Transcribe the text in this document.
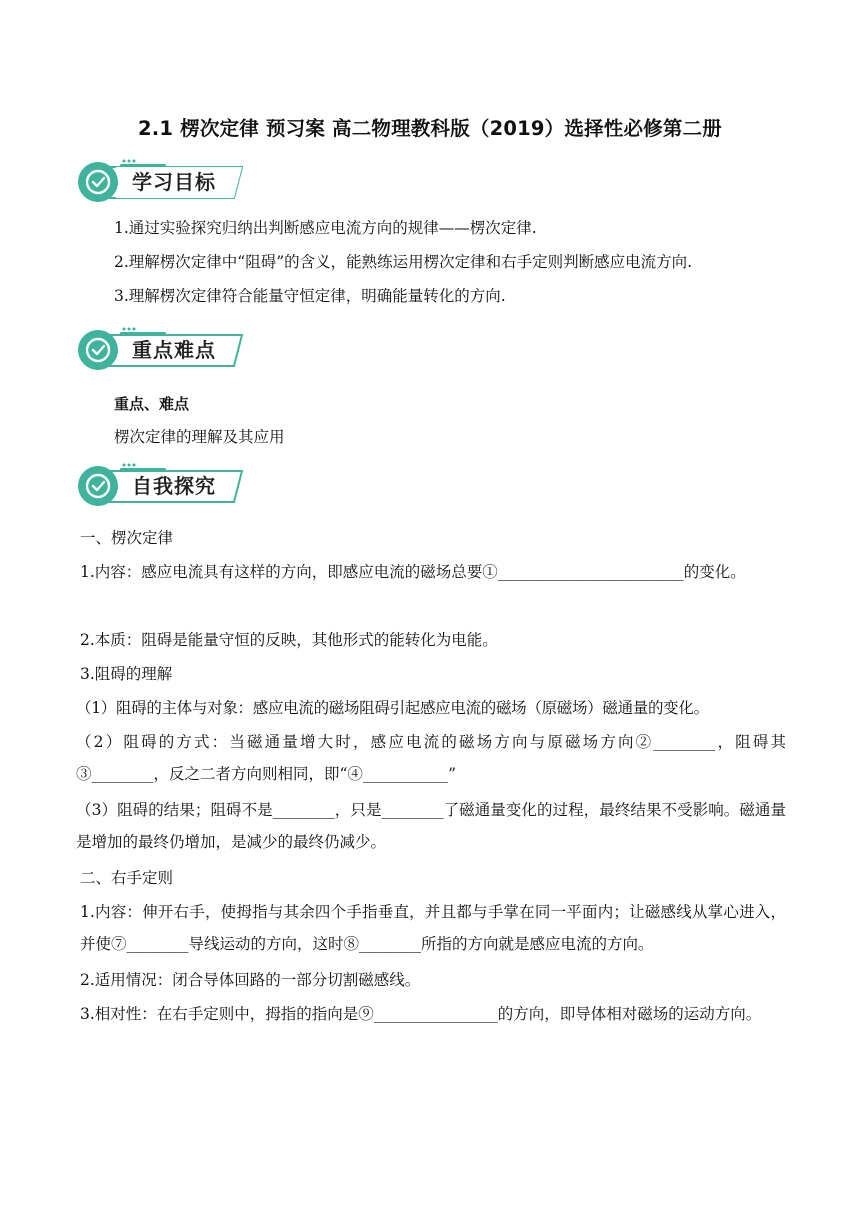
2.1 楞次定律 预习案 高二物理教科版（2019）选择性必修第二册
学习目标
1.通过实验探究归纳出判断感应电流方向的规律——楞次定律.
2.理解楞次定律中“阻碍”的含义，能熟练运用楞次定律和右手定则判断感应电流方向.
3.理解楞次定律符合能量守恒定律，明确能量转化的方向.
重点难点
重点、难点
楞次定律的理解及其应用
自我探究
一、楞次定律
1.内容：感应电流具有这样的方向，即感应电流的磁场总要①________________________的变化。
2.本质：阻碍是能量守恒的反映，其他形式的能转化为电能。
3.阻碍的理解
（1）阻碍的主体与对象：感应电流的磁场阻碍引起感应电流的磁场（原磁场）磁通量的变化。
（2）阻碍的方式：当磁通量增大时，感应电流的磁场方向与原磁场方向②________，阻碍其③________，反之二者方向则相同，即“④___________”
（3）阻碍的结果；阻碍不是________，只是________了磁通量变化的过程，最终结果不受影响。磁通量是增加的最终仍增加，是减少的最终仍减少。
二、右手定则
1.内容：伸开右手，使拇指与其余四个手指垂直，并且都与手掌在同一平面内；让磁感线从掌心进入，并使⑦________导线运动的方向，这时⑧________所指的方向就是感应电流的方向。
2.适用情况：闭合导体回路的一部分切割磁感线。
3.相对性：在右手定则中，拇指的指向是⑨________________的方向，即导体相对磁场的运动方向。
